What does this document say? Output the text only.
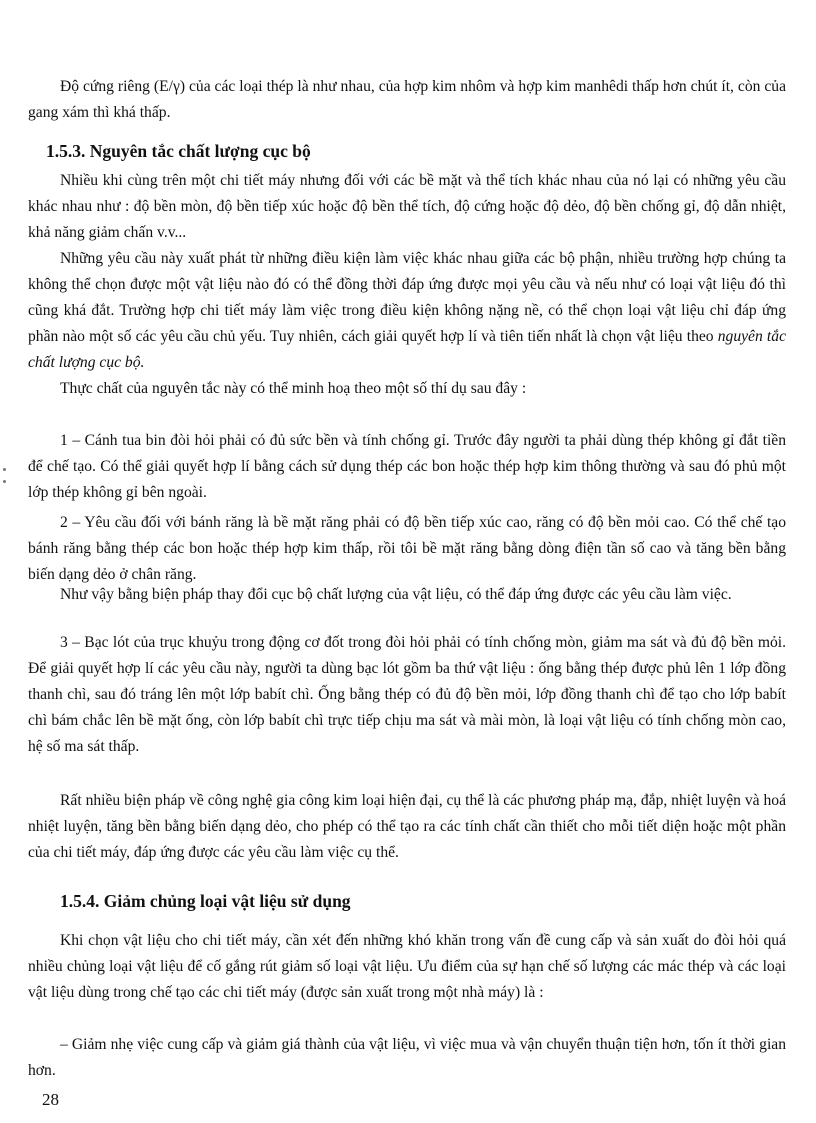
Độ cứng riêng (E/γ) của các loại thép là như nhau, của hợp kim nhôm và hợp kim manhêdi thấp hơn chút ít, còn của gang xám thì khá thấp.

1.5.3. Nguyên tắc chất lượng cục bộ

Nhiều khi cùng trên một chi tiết máy nhưng đối với các bề mặt và thể tích khác nhau của nó lại có những yêu cầu khác nhau như : độ bền mòn, độ bền tiếp xúc hoặc độ bền thể tích, độ cứng hoặc độ dẻo, độ bền chống gỉ, độ dẫn nhiệt, khả năng giảm chấn v.v...

Những yêu cầu này xuất phát từ những điều kiện làm việc khác nhau giữa các bộ phận, nhiều trường hợp chúng ta không thể chọn được một vật liệu nào đó có thể đồng thời đáp ứng được mọi yêu cầu và nếu như có loại vật liệu đó thì cũng khá đắt. Trường hợp chi tiết máy làm việc trong điều kiện không nặng nề, có thể chọn loại vật liệu chỉ đáp ứng phần nào một số các yêu cầu chủ yếu. Tuy nhiên, cách giải quyết hợp lí và tiên tiến nhất là chọn vật liệu theo nguyên tắc chất lượng cục bộ.

Thực chất của nguyên tắc này có thể minh hoạ theo một số thí dụ sau đây :

1 – Cánh tua bin đòi hỏi phải có đủ sức bền và tính chống gỉ. Trước đây người ta phải dùng thép không gỉ đắt tiền để chế tạo. Có thể giải quyết hợp lí bằng cách sử dụng thép các bon hoặc thép hợp kim thông thường và sau đó phủ một lớp thép không gỉ bên ngoài.

2 – Yêu cầu đối với bánh răng là bề mặt răng phải có độ bền tiếp xúc cao, răng có độ bền mỏi cao. Có thể chế tạo bánh răng bằng thép các bon hoặc thép hợp kim thấp, rồi tôi bề mặt răng bằng dòng điện tần số cao và tăng bền bằng biến dạng dẻo ở chân răng.

Như vậy bằng biện pháp thay đổi cục bộ chất lượng của vật liệu, có thể đáp ứng được các yêu cầu làm việc.

3 – Bạc lót của trục khuỷu trong động cơ đốt trong đòi hỏi phải có tính chống mòn, giảm ma sát và đủ độ bền mỏi. Để giải quyết hợp lí các yêu cầu này, người ta dùng bạc lót gồm ba thứ vật liệu : ống bằng thép được phủ lên 1 lớp đồng thanh chì, sau đó tráng lên một lớp babít chì. Ống bằng thép có đủ độ bền mỏi, lớp đồng thanh chì để tạo cho lớp babít chì bám chắc lên bề mặt ống, còn lớp babít chì trực tiếp chịu ma sát và mài mòn, là loại vật liệu có tính chống mòn cao, hệ số ma sát thấp.

Rất nhiều biện pháp về công nghệ gia công kim loại hiện đại, cụ thể là các phương pháp mạ, đắp, nhiệt luyện và hoá nhiệt luyện, tăng bền bằng biến dạng dẻo, cho phép có thể tạo ra các tính chất cần thiết cho mỗi tiết diện hoặc một phần của chi tiết máy, đáp ứng được các yêu cầu làm việc cụ thể.

1.5.4. Giảm chủng loại vật liệu sử dụng

Khi chọn vật liệu cho chi tiết máy, cần xét đến những khó khăn trong vấn đề cung cấp và sản xuất do đòi hỏi quá nhiều chủng loại vật liệu để cố gắng rút giảm số loại vật liệu. Ưu điểm của sự hạn chế số lượng các mác thép và các loại vật liệu dùng trong chế tạo các chi tiết máy (được sản xuất trong một nhà máy) là :

– Giảm nhẹ việc cung cấp và giảm giá thành của vật liệu, vì việc mua và vận chuyển thuận tiện hơn, tốn ít thời gian hơn.

28
